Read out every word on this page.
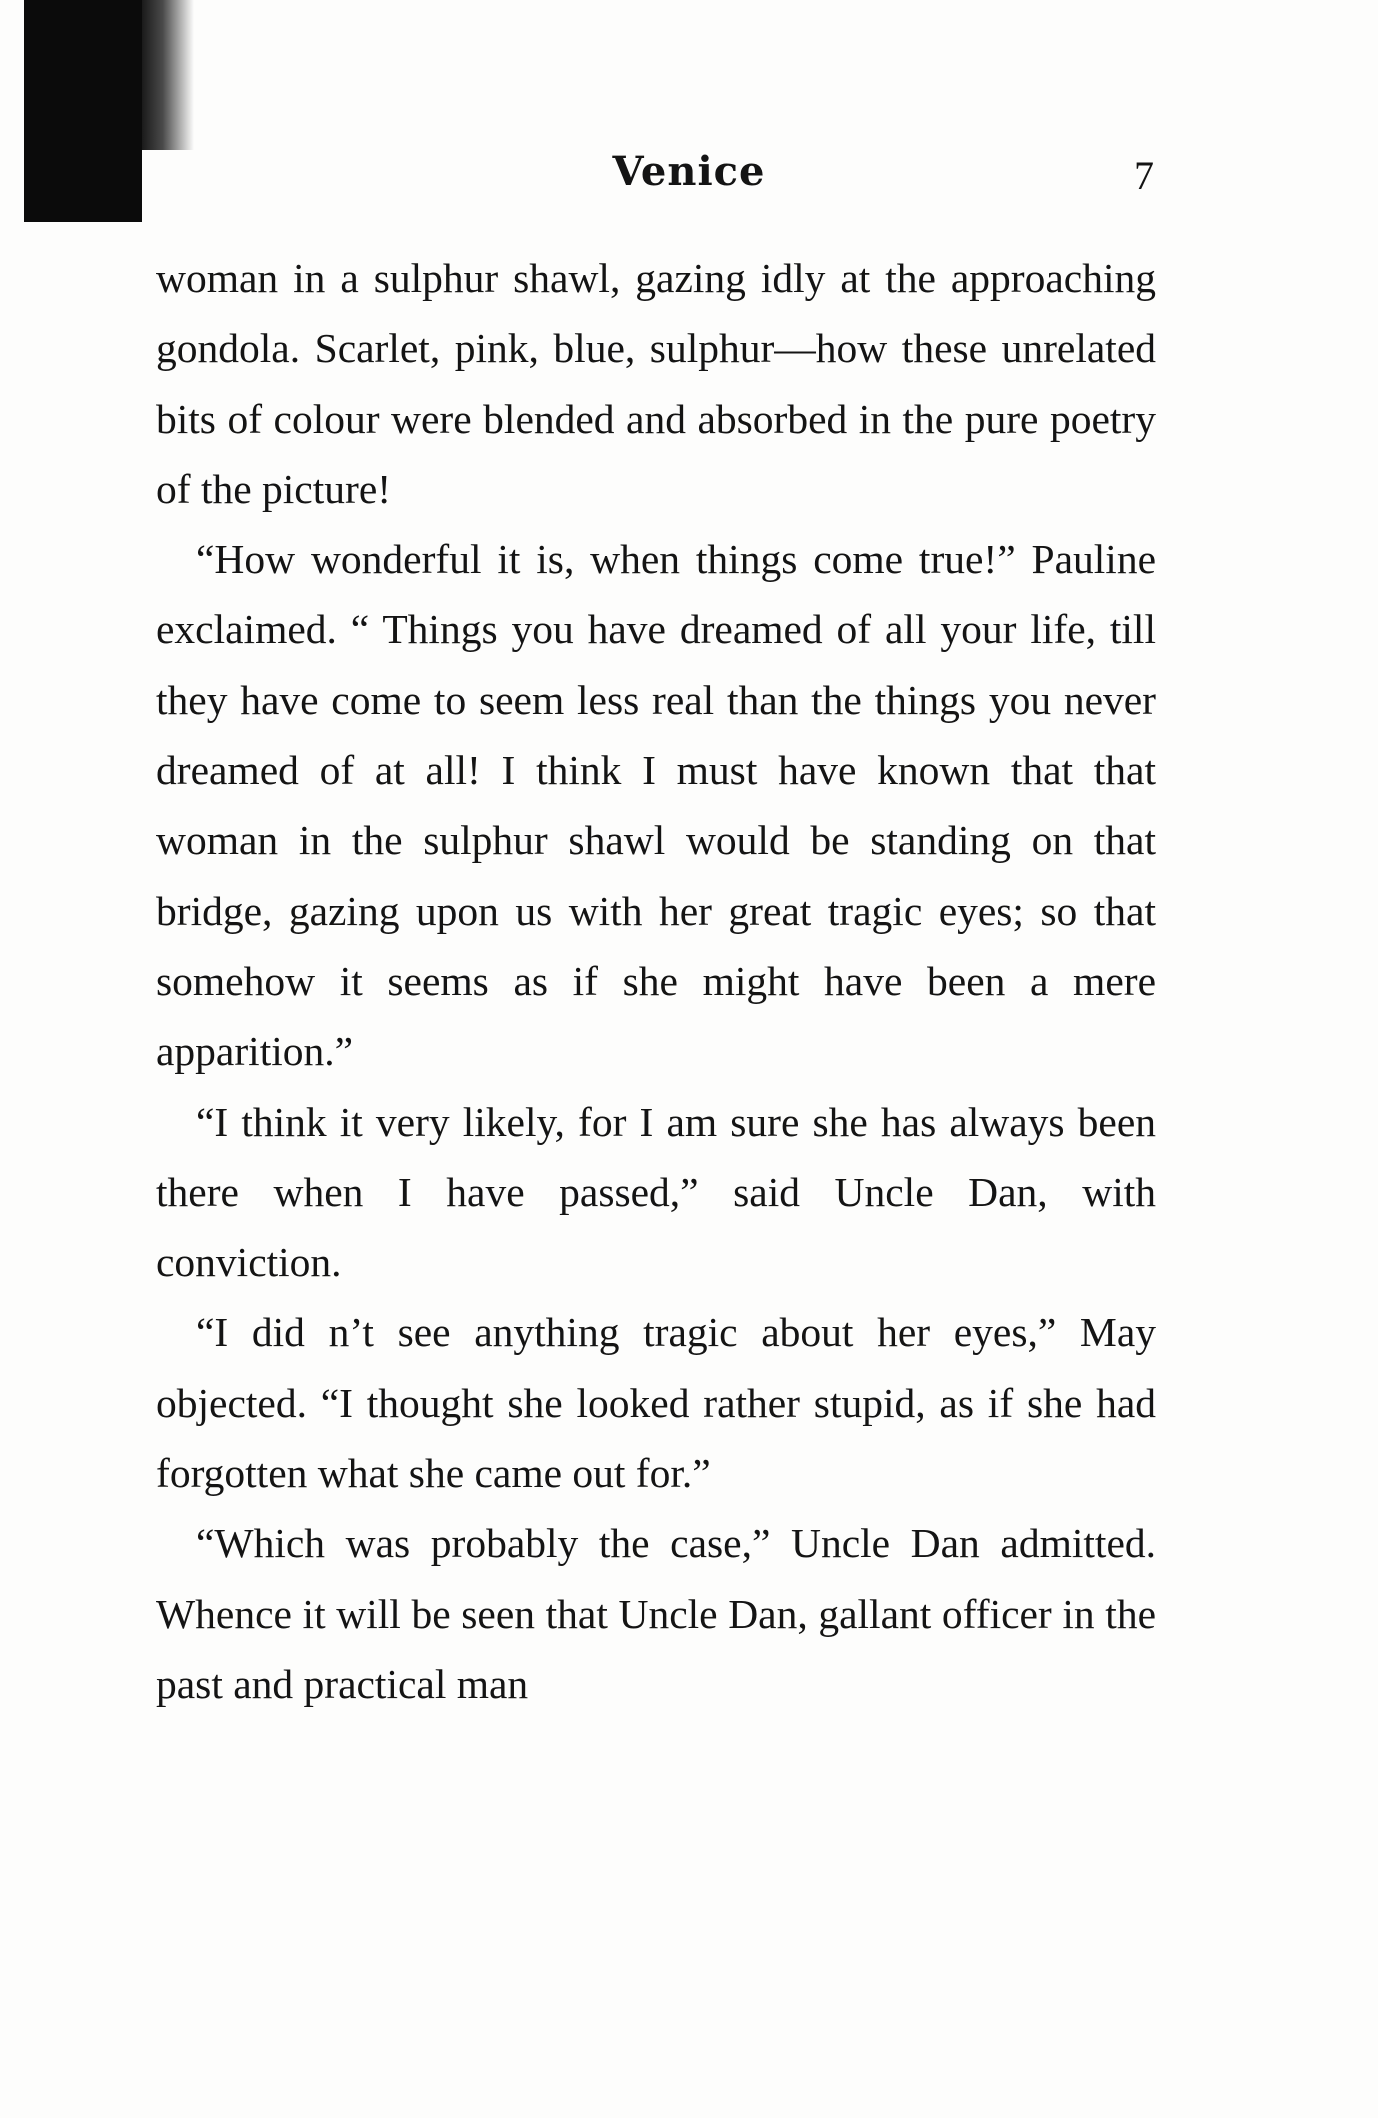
Venice	7

woman in a sulphur shawl, gazing idly at the approaching gondola. Scarlet, pink, blue, sulphur—how these unrelated bits of colour were blended and absorbed in the pure poetry of the picture!

“How wonderful it is, when things come true!” Pauline exclaimed. “ Things you have dreamed of all your life, till they have come to seem less real than the things you never dreamed of at all! I think I must have known that that woman in the sulphur shawl would be standing on that bridge, gazing upon us with her great tragic eyes; so that somehow it seems as if she might have been a mere apparition.”

“I think it very likely, for I am sure she has always been there when I have passed,” said Uncle Dan, with conviction.

“I did n’t see anything tragic about her eyes,” May objected. “I thought she looked rather stupid, as if she had forgotten what she came out for.”

“Which was probably the case,” Uncle Dan admitted. Whence it will be seen that Uncle Dan, gallant officer in the past and practical man
